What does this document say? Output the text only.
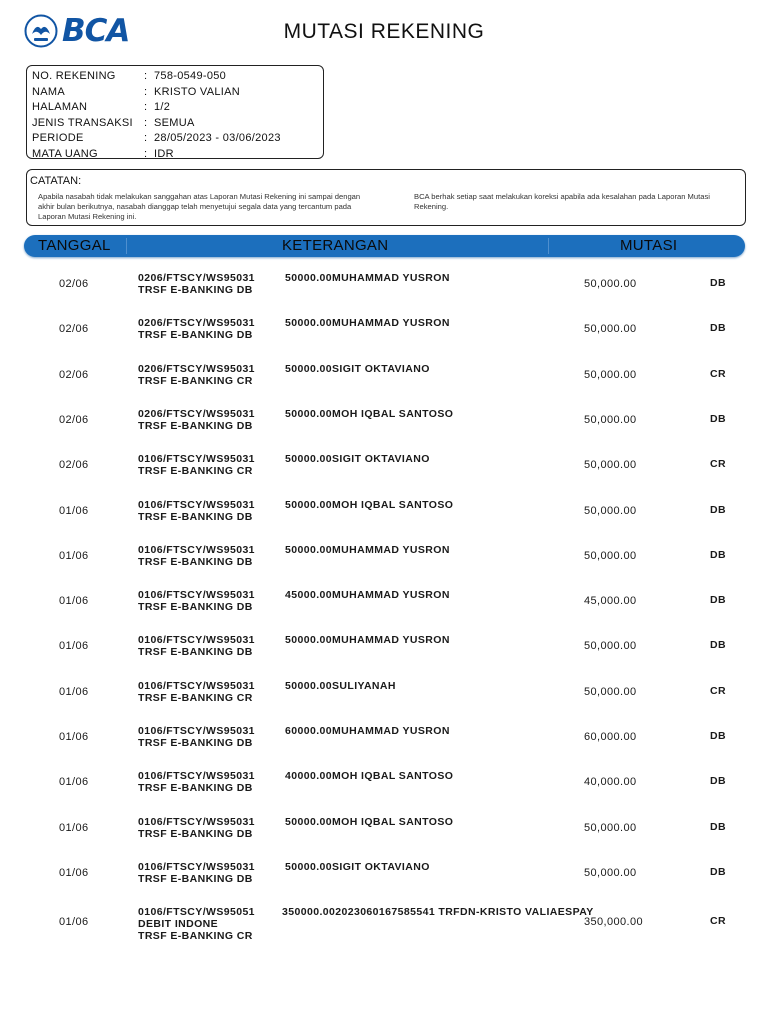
BCA	MUTASI REKENING
NO. REKENING	: 758-0549-050
NAMA	: KRISTO VALIAN
HALAMAN	: 1/2
JENIS TRANSAKSI	: SEMUA
PERIODE	: 28/05/2023 - 03/06/2023
MATA UANG	: IDR
CATATAN:
Apabila nasabah tidak melakukan sanggahan atas Laporan Mutasi Rekening ini sampai dengan akhir bulan berikutnya, nasabah dianggap telah menyetujui segala data yang tercantum pada Laporan Mutasi Rekening ini.
BCA berhak setiap saat melakukan koreksi apabila ada kesalahan pada Laporan Mutasi Rekening.
TANGGAL	KETERANGAN	MUTASI
02/06	0206/FTSCY/WS95031
TRSF E-BANKING DB
50000.00MUHAMMAD YUSRON	50,000.00	DB
02/06	0206/FTSCY/WS95031
TRSF E-BANKING DB
50000.00MUHAMMAD YUSRON	50,000.00	DB
02/06	0206/FTSCY/WS95031
TRSF E-BANKING CR
50000.00SIGIT OKTAVIANO	50,000.00	CR
02/06	0206/FTSCY/WS95031
TRSF E-BANKING DB
50000.00MOH IQBAL SANTOSO	50,000.00	DB
02/06	0106/FTSCY/WS95031
TRSF E-BANKING CR
50000.00SIGIT OKTAVIANO	50,000.00	CR
01/06	0106/FTSCY/WS95031
TRSF E-BANKING DB
50000.00MOH IQBAL SANTOSO	50,000.00	DB
01/06	0106/FTSCY/WS95031
TRSF E-BANKING DB
50000.00MUHAMMAD YUSRON	50,000.00	DB
01/06	0106/FTSCY/WS95031
TRSF E-BANKING DB
45000.00MUHAMMAD YUSRON	45,000.00	DB
01/06	0106/FTSCY/WS95031
TRSF E-BANKING DB
50000.00MUHAMMAD YUSRON	50,000.00	DB
01/06	0106/FTSCY/WS95031
TRSF E-BANKING CR
50000.00SULIYANAH	50,000.00	CR
01/06	0106/FTSCY/WS95031
TRSF E-BANKING DB
60000.00MUHAMMAD YUSRON	60,000.00	DB
01/06	0106/FTSCY/WS95031
TRSF E-BANKING DB
40000.00MOH IQBAL SANTOSO	40,000.00	DB
01/06	0106/FTSCY/WS95031
TRSF E-BANKING DB
50000.00MOH IQBAL SANTOSO	50,000.00	DB
01/06	0106/FTSCY/WS95031
TRSF E-BANKING DB
50000.00SIGIT OKTAVIANO	50,000.00	DB
01/06
0106/FTSCY/WS95051
DEBIT INDONE
TRSF E-BANKING CR
350000.002023060167585541 TRFDN-KRISTO VALIAESPAY
350,000.00	CR
